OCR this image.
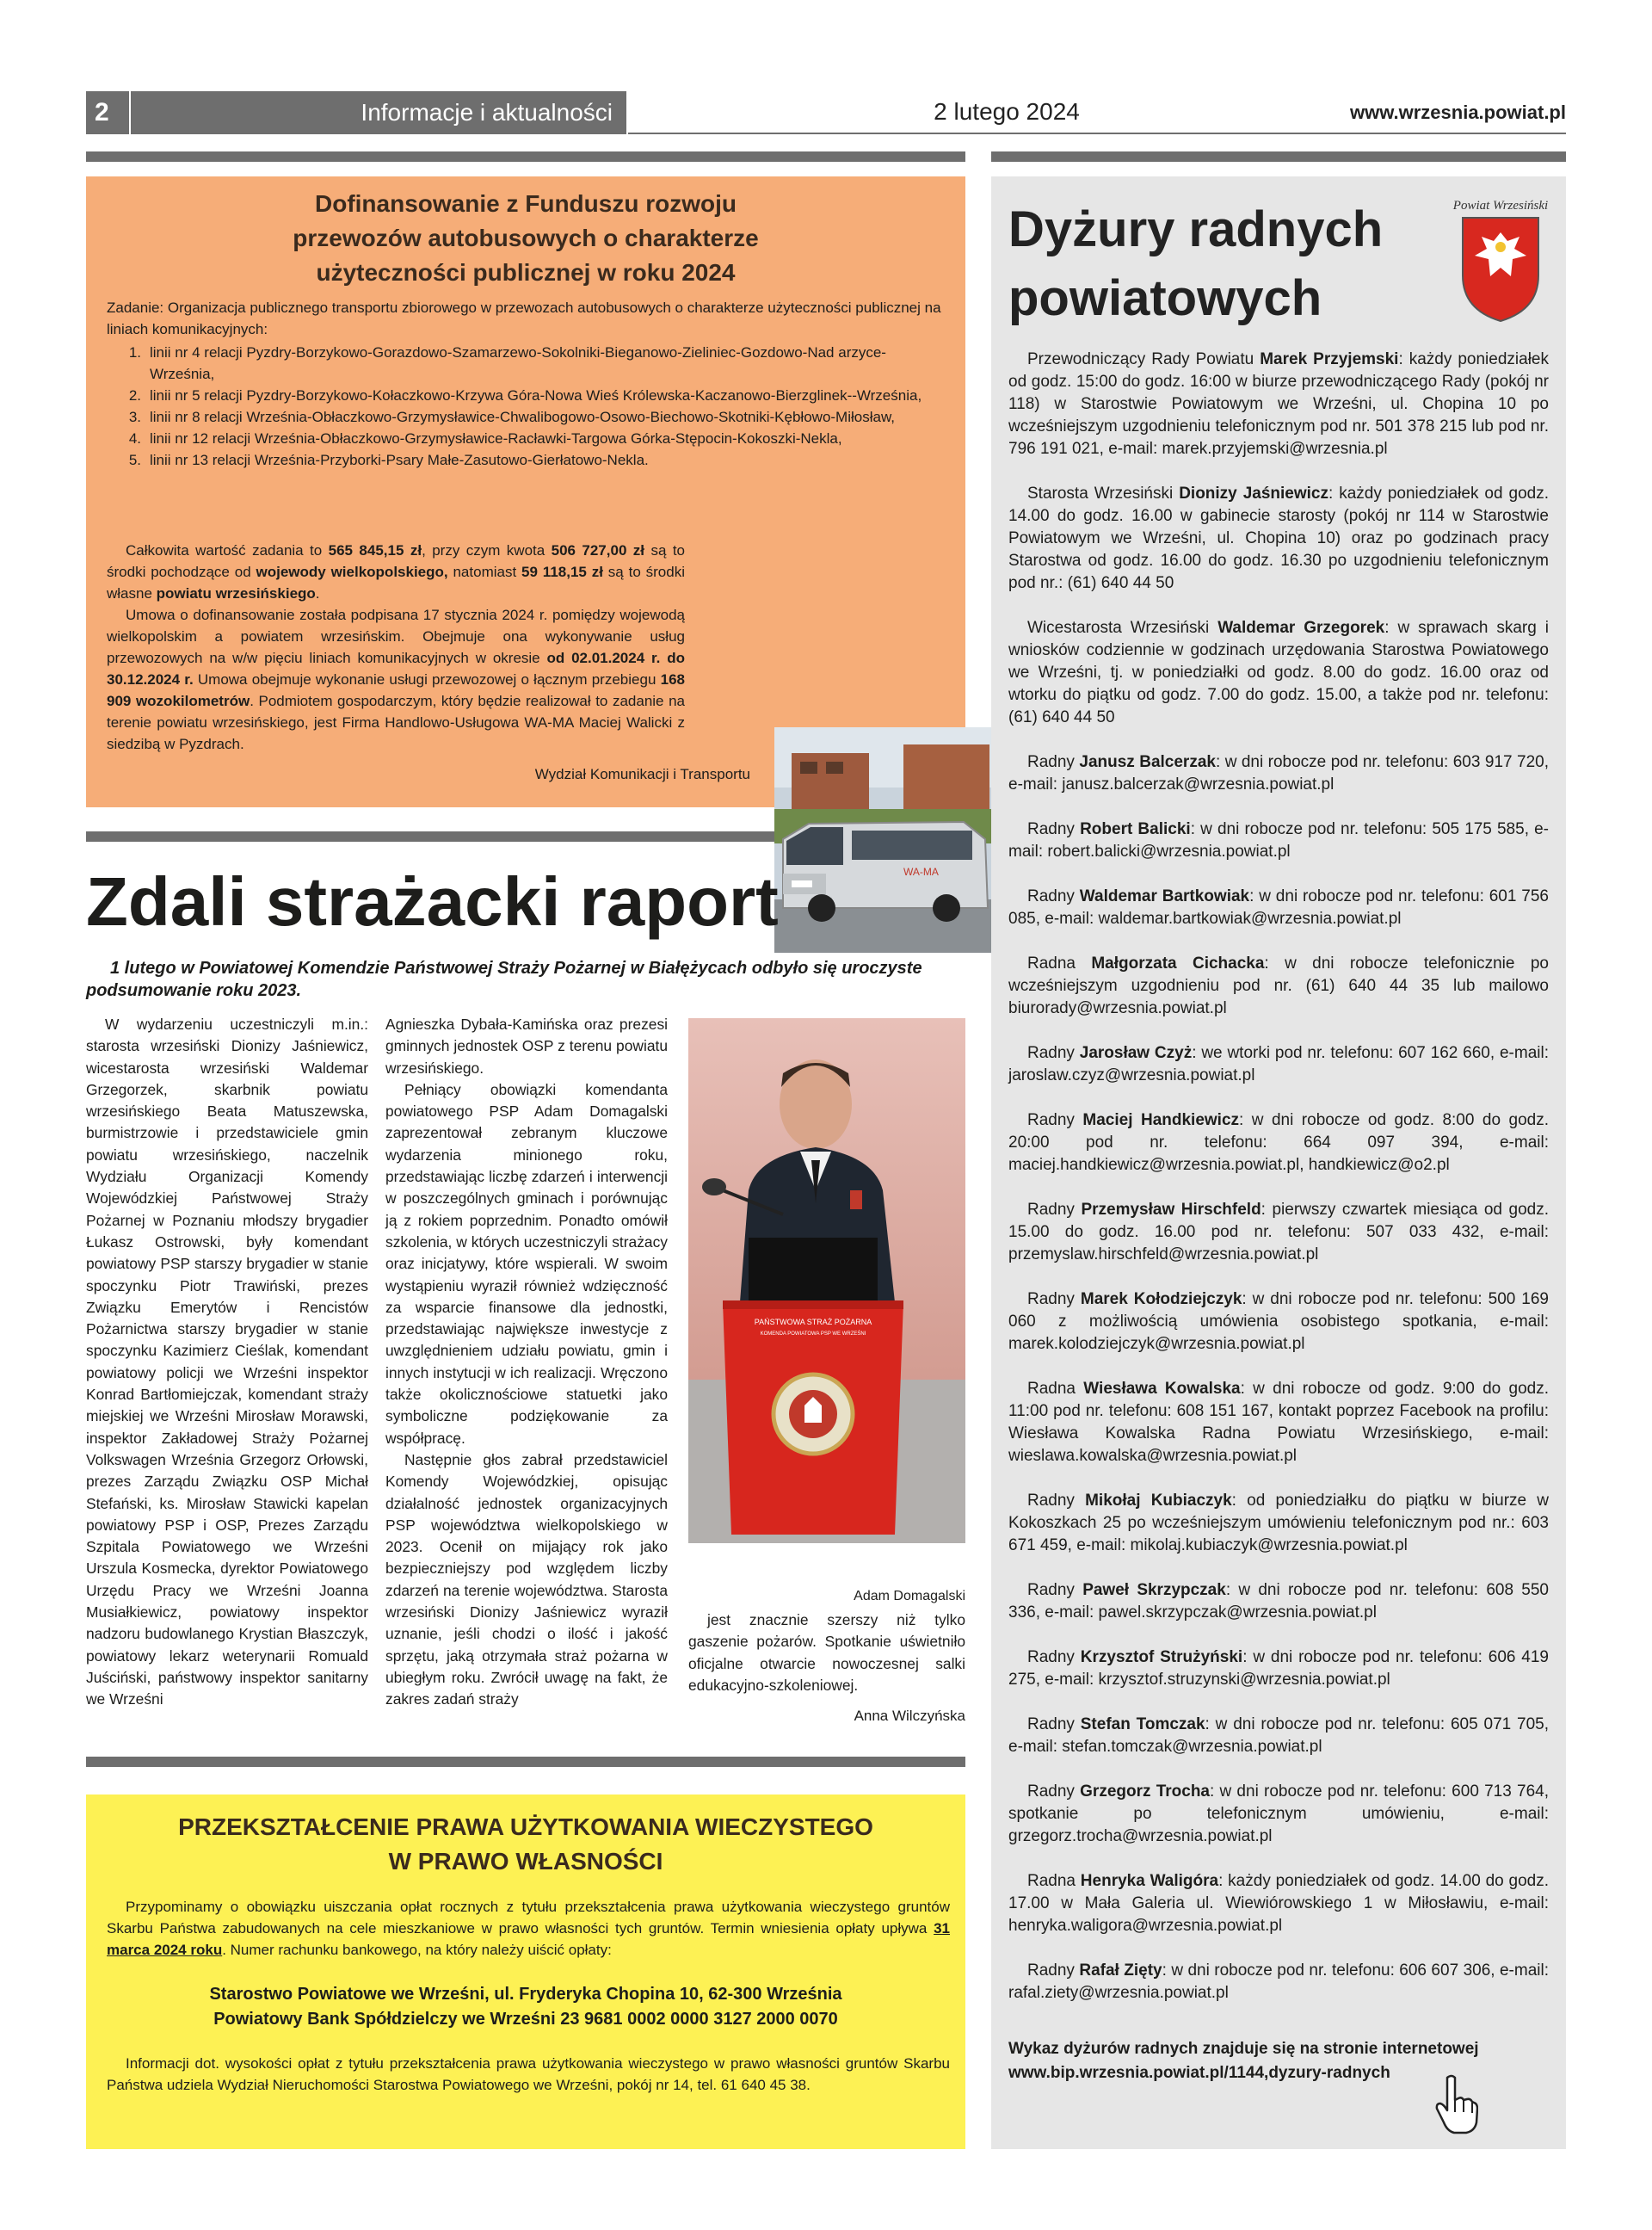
2	Informacje i aktualności	2 lutego 2024	www.wrzesnia.powiat.pl
Dofinansowanie z Funduszu rozwoju
przewozów autobusowych o charakterze
użyteczności publicznej w roku 2024

Zadanie: Organizacja publicznego transportu zbiorowego w przewozach autobusowych o charakterze użyteczności publicznej na liniach komunikacyjnych:

1. linii nr 4 relacji Pyzdry-Borzykowo-Gorazdowo-Szamarzewo-Sokolniki-Bieganowo-Zieliniec-Gozdowo-Nad arzyce-Września,
2. linii nr 5 relacji Pyzdry-Borzykowo-Kołaczkowo-Krzywa Góra-Nowa Wieś Królewska-Kaczanowo-Bierzglinek--Września,
3. linii nr 8 relacji Września-Obłaczkowo-Grzymysławice-Chwalibogowo-Osowo-Biechowo-Skotniki-Kębłowo-Miłosław,
4. linii nr 12 relacji Września-Obłaczkowo-Grzymysławice-Racławki-Targowa Górka-Stępocin-Kokoszki-Nekla,
5. linii nr 13 relacji Września-Przyborki-Psary Małe-Zasutowo-Gierłatowo-Nekla.

Całkowita wartość zadania to 565 845,15 zł, przy czym kwota 506 727,00 zł są to środki pochodzące od wojewody wielkopolskiego, natomiast 59 118,15 zł są to środki własne powiatu wrzesińskiego.
Umowa o dofinansowanie została podpisana 17 stycznia 2024 r. pomiędzy wojewodą wielkopolskim a powiatem wrzesińskim. Obejmuje ona wykonywanie usług przewozowych na w/w pięciu liniach komunikacyjnych w okresie od 02.01.2024 r. do 30.12.2024 r. Umowa obejmuje wykonanie usługi przewozowej o łącznym przebiegu 168 909 wozokilometrów. Podmiotem gospodarczym, który będzie realizował to zadanie na terenie powiatu wrzesińskiego, jest Firma Handlowo-Usługowa WA-MA Maciej Walicki z siedzibą w Pyzdrach.

Wydział Komunikacji i Transportu

WA-MA
Zdali strażacki raport

1 lutego w Powiatowej Komendzie Państwowej Straży Pożarnej w Białężycach odbyło się uroczyste podsumowanie roku 2023.

W wydarzeniu uczestniczyli m.in.: starosta wrzesiński Dionizy Jaśniewicz, wicestarosta wrzesiński Waldemar Grzegorzek, skarbnik powiatu wrzesińskiego Beata Matuszewska, burmistrzowie i przedstawiciele gmin powiatu wrzesińskiego, naczelnik Wydziału Organizacji Komendy Wojewódzkiej Państwowej Straży Pożarnej w Poznaniu młodszy brygadier Łukasz Ostrowski, były komendant powiatowy PSP starszy brygadier w stanie spoczynku Piotr Trawiński, prezes Związku Emerytów i Rencistów Pożarnictwa starszy brygadier w stanie spoczynku Kazimierz Cieślak, komendant powiatowy policji we Wrześni inspektor Konrad Bartłomiejczak, komendant straży miejskiej we Wrześni Mirosław Morawski, inspektor Zakładowej Straży Pożarnej Volkswagen Września Grzegorz Orłowski, prezes Zarządu Związku OSP Michał Stefański, ks. Mirosław Stawicki kapelan powiatowy PSP i OSP, Prezes Zarządu Szpitala Powiatowego we Wrześni Urszula Kosmecka, dyrektor Powiatowego Urzędu Pracy we Wrześni Joanna Musiałkiewicz, powiatowy inspektor nadzoru budowlanego Krystian Błaszczyk, powiatowy lekarz weterynarii Romuald Juściński, państwowy inspektor sanitarny we Wrześni

Agnieszka Dybała-Kamińska oraz prezesi gminnych jednostek OSP z terenu powiatu wrzesińskiego.

Pełniący obowiązki komendanta powiatowego PSP Adam Domagalski zaprezentował zebranym kluczowe wydarzenia minionego roku, przedstawiając liczbę zdarzeń i interwencji w poszczególnych gminach i porównując ją z rokiem poprzednim. Ponadto omówił szkolenia, w których uczestniczyli strażacy oraz inicjatywy, które wspierali. W swoim wystąpieniu wyraził również wdzięczność za wsparcie finansowe dla jednostki, przedstawiając największe inwestycje z uwzględnieniem udziału powiatu, gmin i innych instytucji w ich realizacji. Wręczono także okolicznościowe statuetki jako symboliczne podziękowanie za współpracę.

Następnie głos zabrał przedstawiciel Komendy Wojewódzkiej, opisując działalność jednostek organizacyjnych PSP województwa wielkopolskiego w 2023. Ocenił on mijający rok jako bezpieczniejszy pod względem liczby zdarzeń na terenie województwa. Starosta wrzesiński Dionizy Jaśniewicz wyraził uznanie, jeśli chodzi o ilość i jakość sprzętu, jaką otrzymała straż pożarna w ubiegłym roku. Zwrócił uwagę na fakt, że zakres zadań straży

PAŃSTWOWA STRAŻ POŻARNA
KOMENDA POWIATOWA PSP WE WRZEŚNI
Adam Domagalski

jest znacznie szerszy niż tylko gaszenie pożarów. Spotkanie uświetniło oficjalne otwarcie nowoczesnej salki edukacyjno-szkoleniowej.

Anna Wilczyńska
PRZEKSZTAŁCENIE PRAWA UŻYTKOWANIA WIECZYSTEGO
W PRAWO WŁASNOŚCI

Przypominamy o obowiązku uiszczania opłat rocznych z tytułu przekształcenia prawa użytkowania wieczystego gruntów Skarbu Państwa zabudowanych na cele mieszkaniowe w prawo własności tych gruntów. Termin wniesienia opłaty upływa 31 marca 2024 roku. Numer rachunku bankowego, na który należy uiścić opłaty:

Starostwo Powiatowe we Wrześni, ul. Fryderyka Chopina 10, 62-300 Września
Powiatowy Bank Spółdzielczy we Wrześni 23 9681 0002 0000 3127 2000 0070

Informacji dot. wysokości opłat z tytułu przekształcenia prawa użytkowania wieczystego w prawo własności gruntów Skarbu Państwa udziela Wydział Nieruchomości Starostwa Powiatowego we Wrześni, pokój nr 14, tel. 61 640 45 38.

Dyżury radnych powiatowych
Powiat Wrzesiński

Przewodniczący Rady Powiatu Marek Przyjemski: każdy poniedziałek od godz. 15:00 do godz. 16:00 w biurze przewodniczącego Rady (pokój nr 118) w Starostwie Powiatowym we Wrześni, ul. Chopina 10 po wcześniejszym uzgodnieniu telefonicznym pod nr. 501 378 215 lub pod nr. 796 191 021, e-mail: marek.przyjemski@wrzesnia.pl

Starosta Wrzesiński Dionizy Jaśniewicz: każdy poniedziałek od godz. 14.00 do godz. 16.00 w gabinecie starosty (pokój nr 114 w Starostwie Powiatowym we Wrześni, ul. Chopina 10) oraz po godzinach pracy Starostwa od godz. 16.00 do godz. 16.30 po uzgodnieniu telefonicznym pod nr.: (61) 640 44 50

Wicestarosta Wrzesiński Waldemar Grzegorek: w sprawach skarg i wniosków codziennie w godzinach urzędowania Starostwa Powiatowego we Wrześni, tj. w poniedziałki od godz. 8.00 do godz. 16.00 oraz od wtorku do piątku od godz. 7.00 do godz. 15.00, a także pod nr. telefonu: (61) 640 44 50

Radny Janusz Balcerzak: w dni robocze pod nr. telefonu: 603 917 720, e-mail: janusz.balcerzak@wrzesnia.powiat.pl

Radny Robert Balicki: w dni robocze pod nr. telefonu: 505 175 585, e-mail: robert.balicki@wrzesnia.powiat.pl

Radny Waldemar Bartkowiak: w dni robocze pod nr. telefonu: 601 756 085, e-mail: waldemar.bartkowiak@wrzesnia.powiat.pl

Radna Małgorzata Cichacka: w dni robocze telefonicznie po wcześniejszym uzgodnieniu pod nr. (61) 640 44 35 lub mailowo biurorady@wrzesnia.powiat.pl

Radny Jarosław Czyż: we wtorki pod nr. telefonu: 607 162 660, e-mail: jaroslaw.czyz@wrzesnia.powiat.pl

Radny Maciej Handkiewicz: w dni robocze od godz. 8:00 do godz. 20:00 pod nr. telefonu: 664 097 394, e-mail: maciej.handkiewicz@wrzesnia.powiat.pl, handkiewicz@o2.pl

Radny Przemysław Hirschfeld: pierwszy czwartek miesiąca od godz. 15.00 do godz. 16.00 pod nr. telefonu: 507 033 432, e-mail: przemyslaw.hirschfeld@wrzesnia.powiat.pl

Radny Marek Kołodziejczyk: w dni robocze pod nr. telefonu: 500 169 060 z możliwością umówienia osobistego spotkania, e-mail: marek.kolodziejczyk@wrzesnia.powiat.pl

Radna Wiesława Kowalska: w dni robocze od godz. 9:00 do godz. 11:00 pod nr. telefonu: 608 151 167, kontakt poprzez Facebook na profilu: Wiesława Kowalska Radna Powiatu Wrzesińskiego, e-mail: wieslawa.kowalska@wrzesnia.powiat.pl

Radny Mikołaj Kubiaczyk: od poniedziałku do piątku w biurze w Kokoszkach 25 po wcześniejszym umówieniu telefonicznym pod nr.: 603 671 459, e-mail: mikolaj.kubiaczyk@wrzesnia.powiat.pl

Radny Paweł Skrzypczak: w dni robocze pod nr. telefonu: 608 550 336, e-mail: pawel.skrzypczak@wrzesnia.powiat.pl

Radny Krzysztof Strużyński: w dni robocze pod nr. telefonu: 606 419 275, e-mail: krzysztof.struzynski@wrzesnia.powiat.pl

Radny Stefan Tomczak: w dni robocze pod nr. telefonu: 605 071 705, e-mail: stefan.tomczak@wrzesnia.powiat.pl

Radny Grzegorz Trocha: w dni robocze pod nr. telefonu: 600 713 764, spotkanie po telefonicznym umówieniu, e-mail: grzegorz.trocha@wrzesnia.powiat.pl

Radna Henryka Waligóra: każdy poniedziałek od godz. 14.00 do godz. 17.00 w Mała Galeria ul. Wiewiórowskiego 1 w Miłosławiu, e-mail: henryka.waligora@wrzesnia.powiat.pl

Radny Rafał Zięty: w dni robocze pod nr. telefonu: 606 607 306, e-mail: rafal.ziety@wrzesnia.powiat.pl

Wykaz dyżurów radnych znajduje się na stronie internetowej
www.bip.wrzesnia.powiat.pl/1144,dyzury-radnych
